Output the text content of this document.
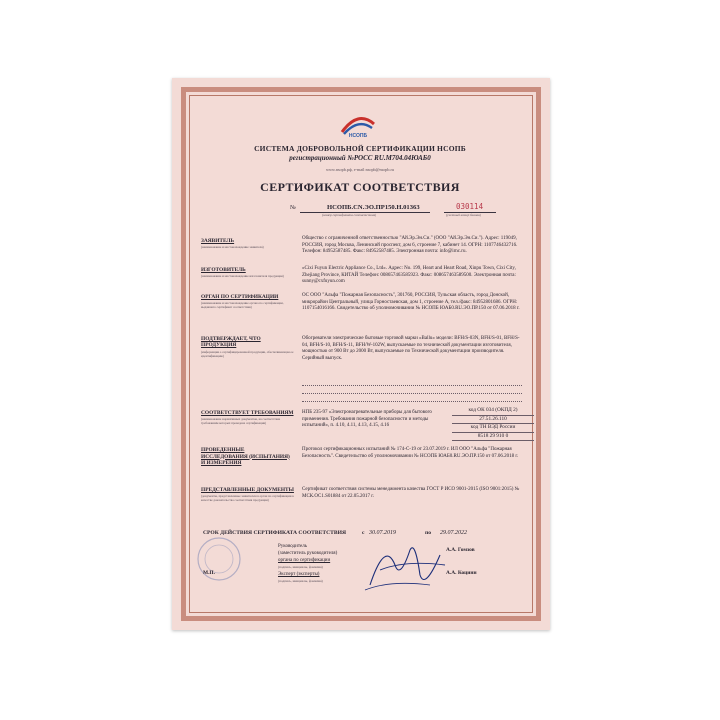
НСОПБ
СИСТЕМА ДОБРОВОЛЬНОЙ СЕРТИФИКАЦИИ НСОПБ
регистрационный №РОСС RU.М704.04ЮАБ0
www.nsopb.pф, e-mail:nsopb@nsopb.ru
СЕРТИФИКАТ СООТВЕТСТВИЯ
№	НСОПБ.CN.ЭО.ПР150.Н.01363
(номер сертификата соответствия)
030114
(учетный номер бланка)
ЗАЯВИТЕЛЬ
(наименование и местонахождение заявителя)
Общество с ограниченной ответственностью "Ай.Эр.Эн.Си." (ООО "Ай.Эр.Эн.Си."). Адрес: 119049, РОССИЯ, город Москва, Ленинский проспект, дом 6, строение 7, кабинет 14. ОГРН: 1107746432716. Телефон: 84952587485. Факс: 84952587485. Электронная почта: info@irnc.ru.
ИЗГОТОВИТЕЛЬ
(наименование и местонахождение изготовителя продукции)
«Cixi Fuyun Electric Appliance Co., Ltd». Адрес: No. 199, Heart and Heart Road, Xinpu Town, Cixi City, Zhejiang Province, КИТАЙ Телефон: 008657463585923. Факс: 008657463589500. Электронная почта: sunny@cxfuyun.com
ОРГАН ПО СЕРТИФИКАЦИИ
(наименование и местонахождение органа по сертификации, выдавшего сертификат соответствия)
ОС ООО "Альфа "Пожарная Безопасность", 301760, РОССИЯ, Тульская область, город Донской, микрорайон Центральный, улица Горностаевская, дом 1, строение А, тел./факс: 84952801686. ОГРН: 1107154016166. Свидетельство об уполномочивании № НСОПБ ЮАБ0.RU.ЭО.ПР.150 от 07.06.2018 г.
ПОДТВЕРЖДАЕТ, ЧТО ПРОДУКЦИЯ
(информация о сертифицированной продукции, обеспечивающая ее идентификацию)
Обогреватели электрические бытовые торговой марки «Ballu» модели: BFH/S-03N, BFH/S-01, BFH/S-04, BFH/S-10, BFH/S-11, BFH/W-102W, выпускаемые по технической документации изготовителя, мощностью от 900 Вт до 2000 Вт, выпускаемые по Технической документации производителя. Серийный выпуск.
код ОК 034 (ОКПД 2)
27.51.26.110
код ТН ВЭД России
8518 29 910 0
СООТВЕТСТВУЕТ ТРЕБОВАНИЯМ
(наименование нормативных документов, на соответствие требованиям которых проведена сертификация)
НПБ 235-97 «Электронагревательные приборы для бытового применения. Требования пожарной безопасности и методы испытаний», п. 4.10, 4.11, 4.13, 4.15, 4.16
ПРОВЕДЕННЫЕ ИССЛЕДОВАНИЯ (ИСПЫТАНИЯ) И ИЗМЕРЕНИЯ
Протокол сертификационных испытаний № 174-С-19 от 23.07.2019 г. ИЛ ООО "Альфа "Пожарная Безопасность". Свидетельство об уполномочивании № НСОПБ ЮАБ0.RU.ЭО.ПР.150 от 07.06.2018 г.
ПРЕДСТАВЛЕННЫЕ ДОКУМЕНТЫ
(документы, представленные заявителем в орган по сертификации в качестве доказательства соответствия продукции)
Сертификат соответствия системы менеджмента качества ГОСТ Р ИСО 9001-2015 (ISO 9001:2015) № МСК.ОС1.S01884 от 22.05.2017 г.
СРОК ДЕЙСТВИЯ СЕРТИФИКАТА СООТВЕТСТВИЯ	с 30.07.2019	по 29.07.2022
Руководитель
(заместитель руководителя)
органа по сертификации
(подпись, инициалы, фамилия)
А.А. Гомзов
Эксперт (эксперты)
(подпись, инициалы, фамилия)
А.А. Коцинн
М.П.
